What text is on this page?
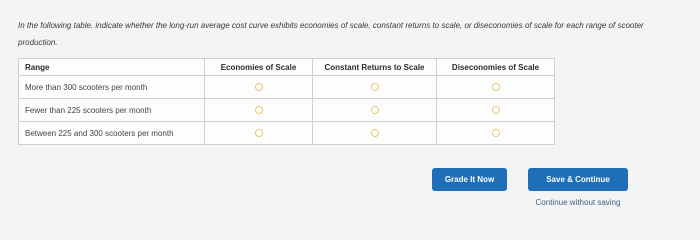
In the following table, indicate whether the long-run average cost curve exhibits economies of scale, constant returns to scale, or diseconomies of scale for each range of scooter production.
Range	Economies of Scale	Constant Returns to Scale	Diseconomies of Scale
More than 300 scooters per month			
Fewer than 225 scooters per month			
Between 225 and 300 scooters per month			
Grade It Now	Save & Continue
Continue without saving
